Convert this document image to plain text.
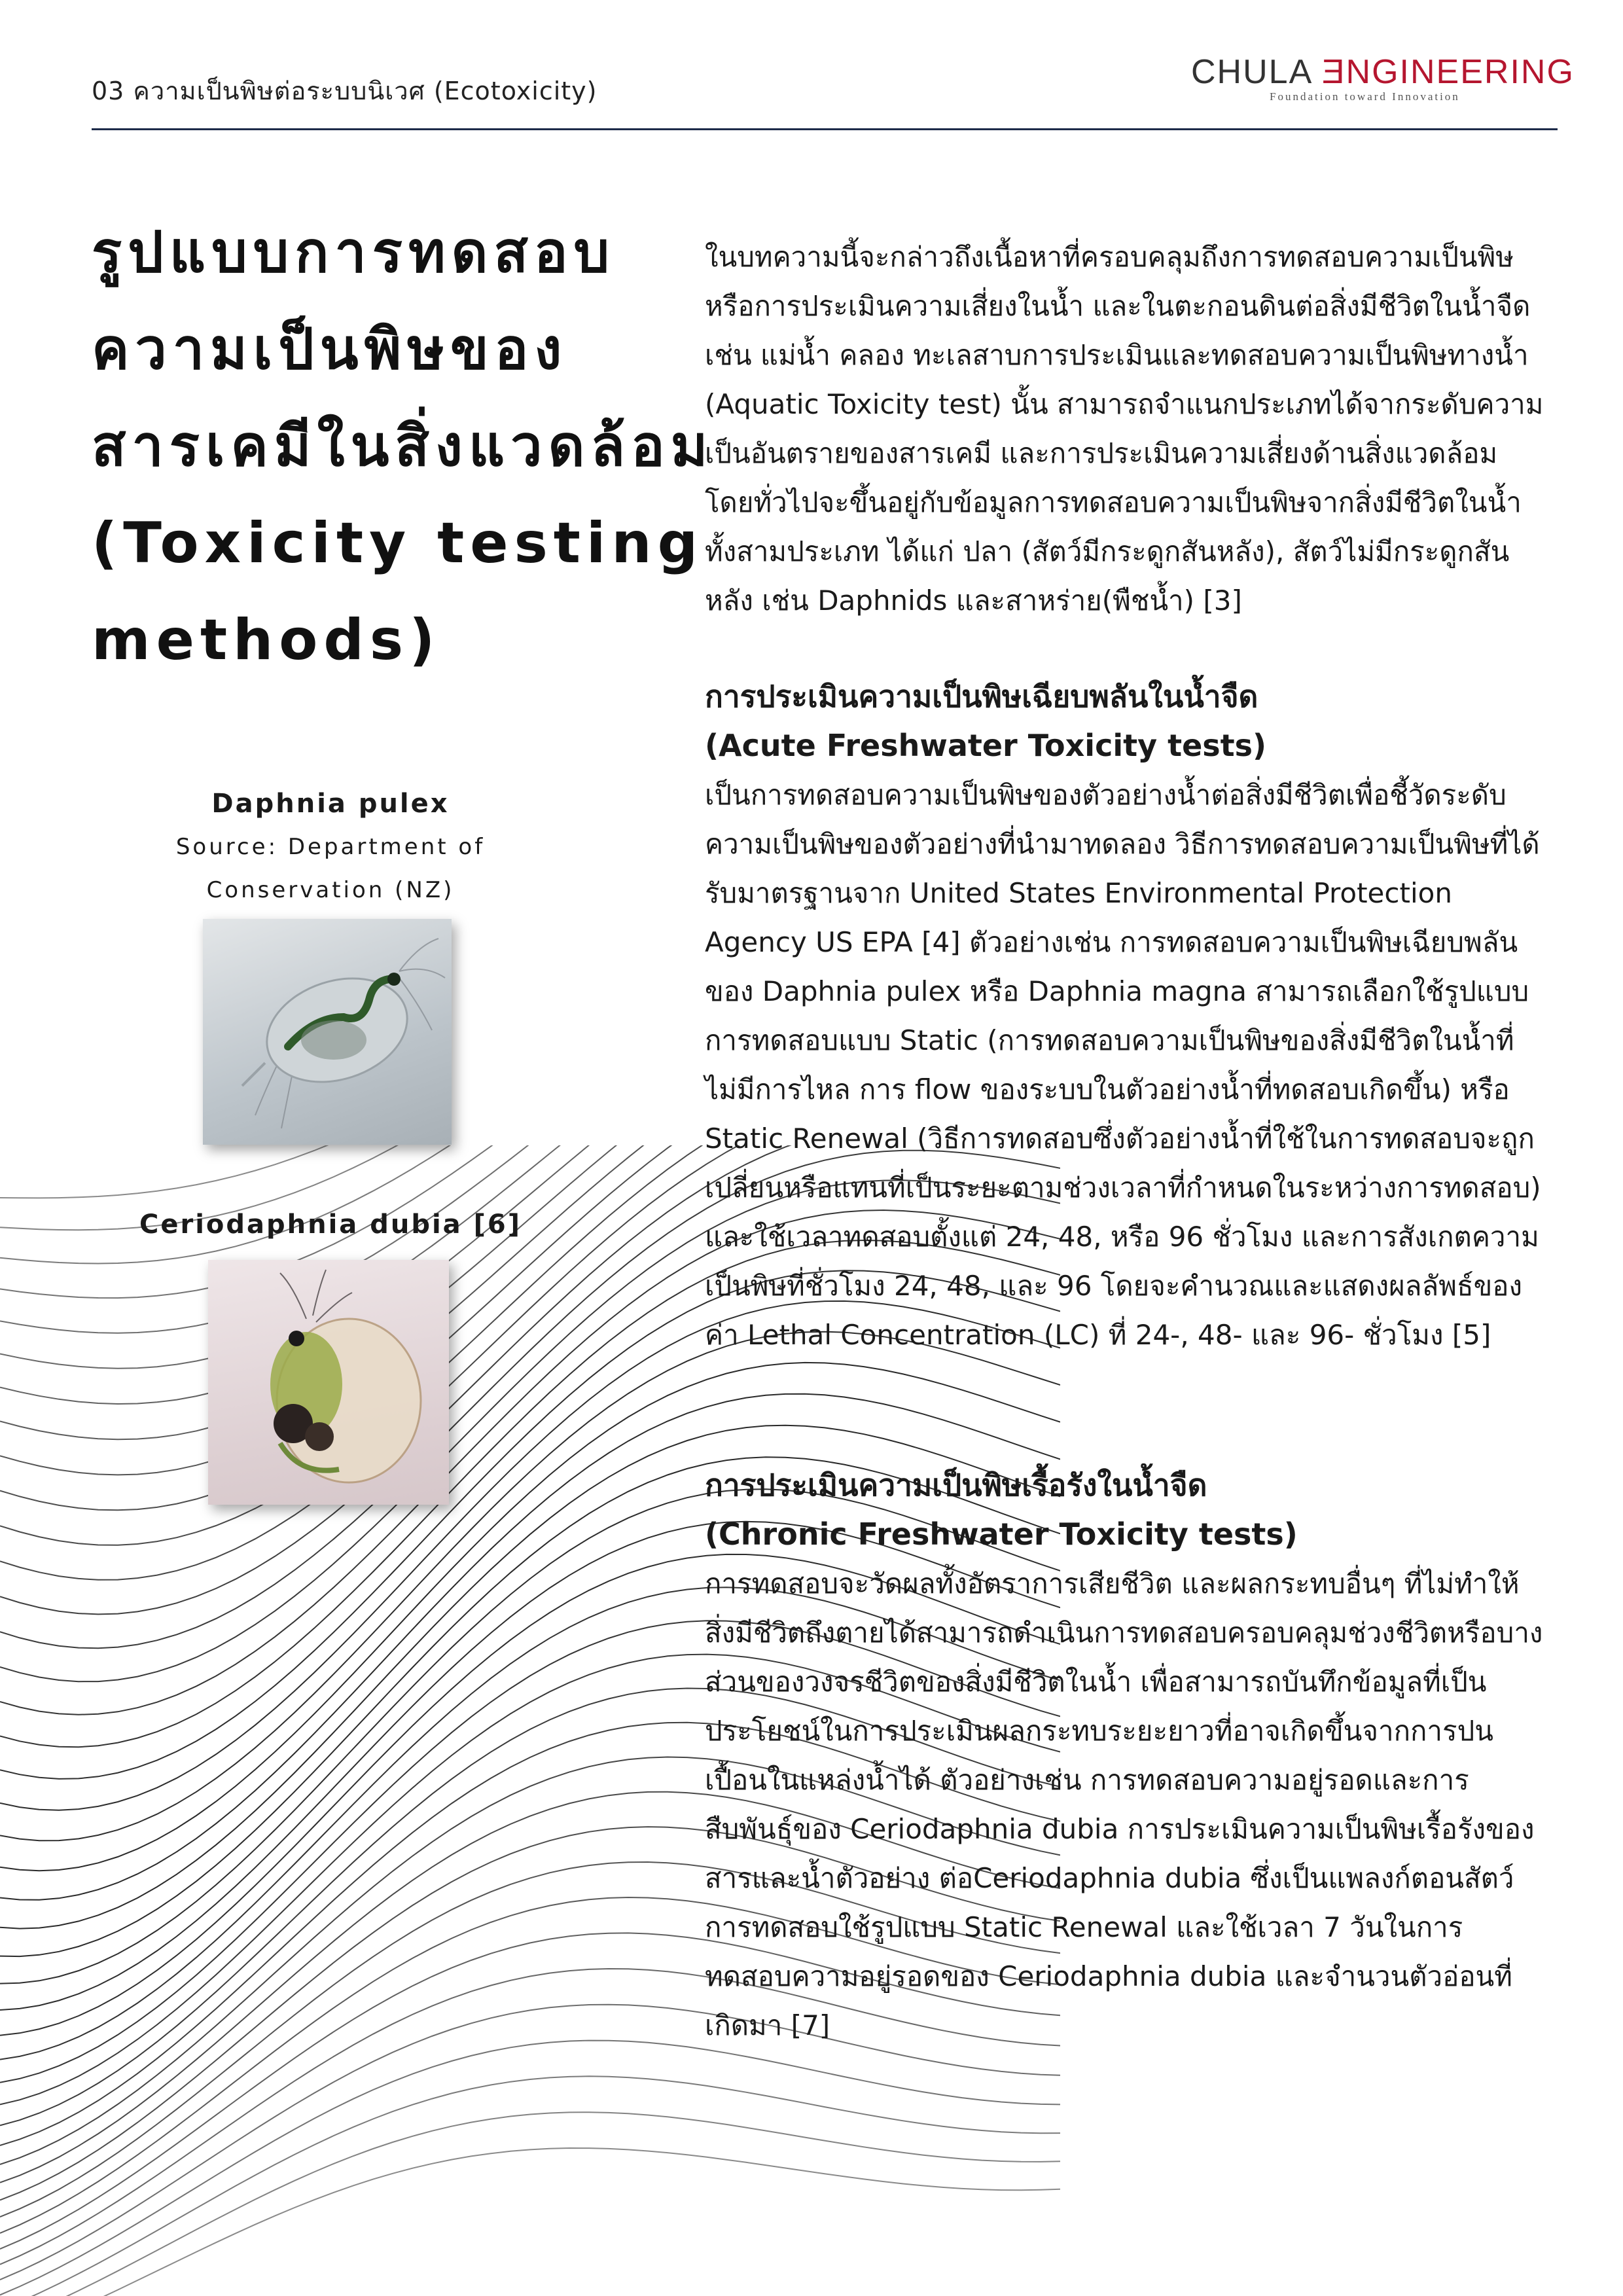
03 ความเป็นพิษต่อระบบนิเวศ (Ecotoxicity)	CHULA ƎNGINEERING
Foundation toward Innovation
รูปแบบการทดสอบ
ความเป็นพิษของ
สารเคมีในสิ่งแวดล้อม
(Toxicity testing
methods)
Daphnia pulex
Source: Department of
Conservation (NZ)
Ceriodaphnia dubia [6]

ในบทความนี้จะกล่าวถึงเนื้อหาที่ครอบคลุมถึงการทดสอบความเป็นพิษหรือการประเมินความเสี่ยงในน้ำ และในตะกอนดินต่อสิ่งมีชีวิตในน้ำจืด เช่น แม่น้ำ คลอง ทะเลสาบการประเมินและทดสอบความเป็นพิษทางน้ำ (Aquatic Toxicity test) นั้น สามารถจำแนกประเภทได้จากระดับความเป็นอันตรายของสารเคมี และการประเมินความเสี่ยงด้านสิ่งแวดล้อม โดยทั่วไปจะขึ้นอยู่กับข้อมูลการทดสอบความเป็นพิษจากสิ่งมีชีวิตในน้ำทั้งสามประเภท ได้แก่ ปลา (สัตว์มีกระดูกสันหลัง), สัตว์ไม่มีกระดูกสันหลัง เช่น Daphnids และสาหร่าย(พืชน้ำ) [3]

การประเมินความเป็นพิษเฉียบพลันในน้ำจืด
(Acute Freshwater Toxicity tests)

เป็นการทดสอบความเป็นพิษของตัวอย่างน้ำต่อสิ่งมีชีวิตเพื่อชี้วัดระดับความเป็นพิษของตัวอย่างที่นำมาทดลอง วิธีการทดสอบความเป็นพิษที่ได้รับมาตรฐานจาก United States Environmental Protection Agency US EPA [4] ตัวอย่างเช่น การทดสอบความเป็นพิษเฉียบพลันของ Daphnia pulex หรือ Daphnia magna สามารถเลือกใช้รูปแบบการทดสอบแบบ Static (การทดสอบความเป็นพิษของสิ่งมีชีวิตในน้ำที่ไม่มีการไหล การ flow ของระบบในตัวอย่างน้ำที่ทดสอบเกิดขึ้น) หรือ Static Renewal (วิธีการทดสอบซึ่งตัวอย่างน้ำที่ใช้ในการทดสอบจะถูกเปลี่ยนหรือแทนที่เป็นระยะตามช่วงเวลาที่กำหนดในระหว่างการทดสอบ) และใช้เวลาทดสอบตั้งแต่ 24, 48, หรือ 96 ชั่วโมง และการสังเกตความเป็นพิษที่ชั่วโมง 24, 48, และ 96 โดยจะคำนวณและแสดงผลลัพธ์ของค่า Lethal Concentration (LC) ที่ 24-, 48- และ 96- ชั่วโมง [5]

การประเมินความเป็นพิษเรื้อรังในน้ำจืด
(Chronic Freshwater Toxicity tests)

การทดสอบจะวัดผลทั้งอัตราการเสียชีวิต และผลกระทบอื่นๆ ที่ไม่ทำให้สิ่งมีชีวิตถึงตายได้สามารถดำเนินการทดสอบครอบคลุมช่วงชีวิตหรือบางส่วนของวงจรชีวิตของสิ่งมีชีวิตในน้ำ เพื่อสามารถบันทึกข้อมูลที่เป็นประโยชน์ในการประเมินผลกระทบระยะยาวที่อาจเกิดขึ้นจากการปนเปื้อนในแหล่งน้ำได้ ตัวอย่างเช่น การทดสอบความอยู่รอดและการสืบพันธุ์ของ Ceriodaphnia dubia การประเมินความเป็นพิษเรื้อรังของสารและน้ำตัวอย่าง ต่อCeriodaphnia dubia ซึ่งเป็นแพลงก์ตอนสัตว์ การทดสอบใช้รูปแบบ Static Renewal และใช้เวลา 7 วันในการทดสอบความอยู่รอดของ Ceriodaphnia dubia และจำนวนตัวอ่อนที่เกิดมา [7]
